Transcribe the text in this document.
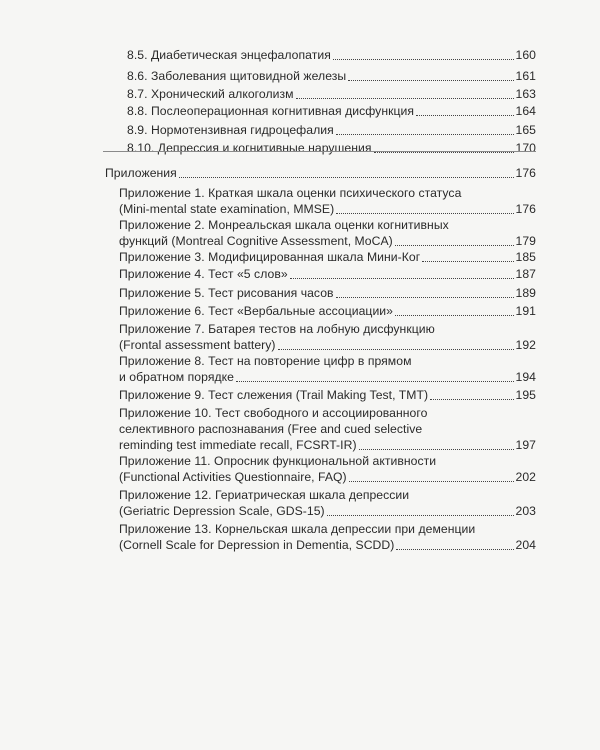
8.5. Диабетическая энцефалопатия	160
8.6. Заболевания щитовидной железы	161
8.7. Хронический алкоголизм	163
8.8. Послеоперационная когнитивная дисфункция	164
8.9. Нормотензивная гидроцефалия	165
8.10. Депрессия и когнитивные нарушения	170
Приложения	176
Приложение 1. Краткая шкала оценки психического статуса
(Mini-mental state examination, MMSE)	176
Приложение 2. Монреальская шкала оценки когнитивных
функций (Montreal Cognitive Assessment, MoCA)	179
Приложение 3. Модифицированная шкала Мини-Ког	185
Приложение 4. Тест «5 слов»	187
Приложение 5. Тест рисования часов	189
Приложение 6. Тест «Вербальные ассоциации»	191
Приложение 7. Батарея тестов на лобную дисфункцию
(Frontal assessment battery)	192
Приложение 8. Тест на повторение цифр в прямом
и обратном порядке	194
Приложение 9. Тест слежения (Trail Making Test, TMT)	195
Приложение 10. Тест свободного и ассоциированного
селективного распознавания (Free and cued selective
reminding test immediate recall, FCSRT-IR)	197
Приложение 11. Опросник функциональной активности
(Functional Activities Questionnaire, FAQ)	202
Приложение 12. Гериатрическая шкала депрессии
(Geriatric Depression Scale, GDS-15)	203
Приложение 13. Корнельская шкала депрессии при деменции
(Cornell Scale for Depression in Dementia, SCDD)	204
